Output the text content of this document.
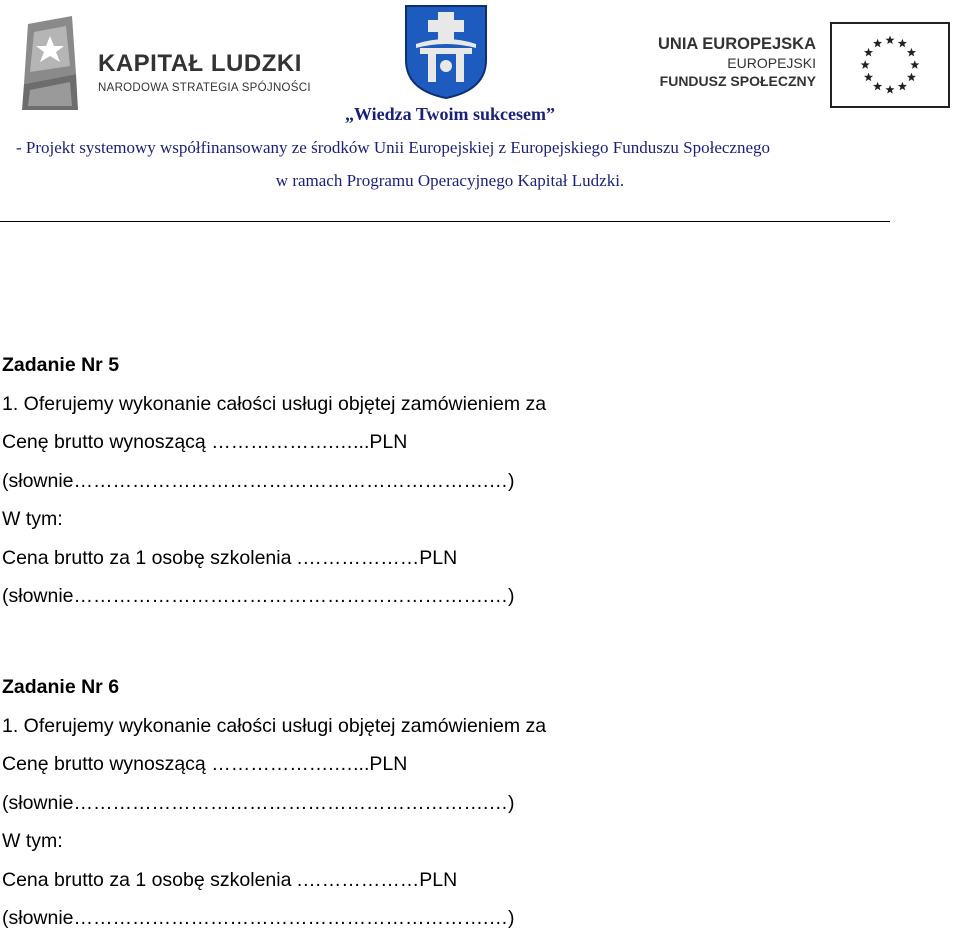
KAPITAŁ LUDZKI
NARODOWA STRATEGIA SPÓJNOŚCI
UNIA EUROPEJSKA
EUROPEJSKI
FUNDUSZ SPOŁECZNY
„Wiedza Twoim sukcesem”
- Projekt systemowy współfinansowany ze środków Unii Europejskiej z Europejskiego Funduszu Społecznego
w ramach Programu Operacyjnego Kapitał Ludzki.
Zadanie Nr 5
1. Oferujemy wykonanie całości usługi objętej zamówieniem za
Cenę brutto wynoszącą ……………….…...PLN
(słownie……………………………………………………….…)
W tym:
Cena brutto za 1 osobę szkolenia .………………PLN
(słownie……………………………………………………….…)
Zadanie Nr 6
1. Oferujemy wykonanie całości usługi objętej zamówieniem za
Cenę brutto wynoszącą ……………….…...PLN
(słownie……………………………………………………….…)
W tym:
Cena brutto za 1 osobę szkolenia .………………PLN
(słownie……………………………………………………….…)
